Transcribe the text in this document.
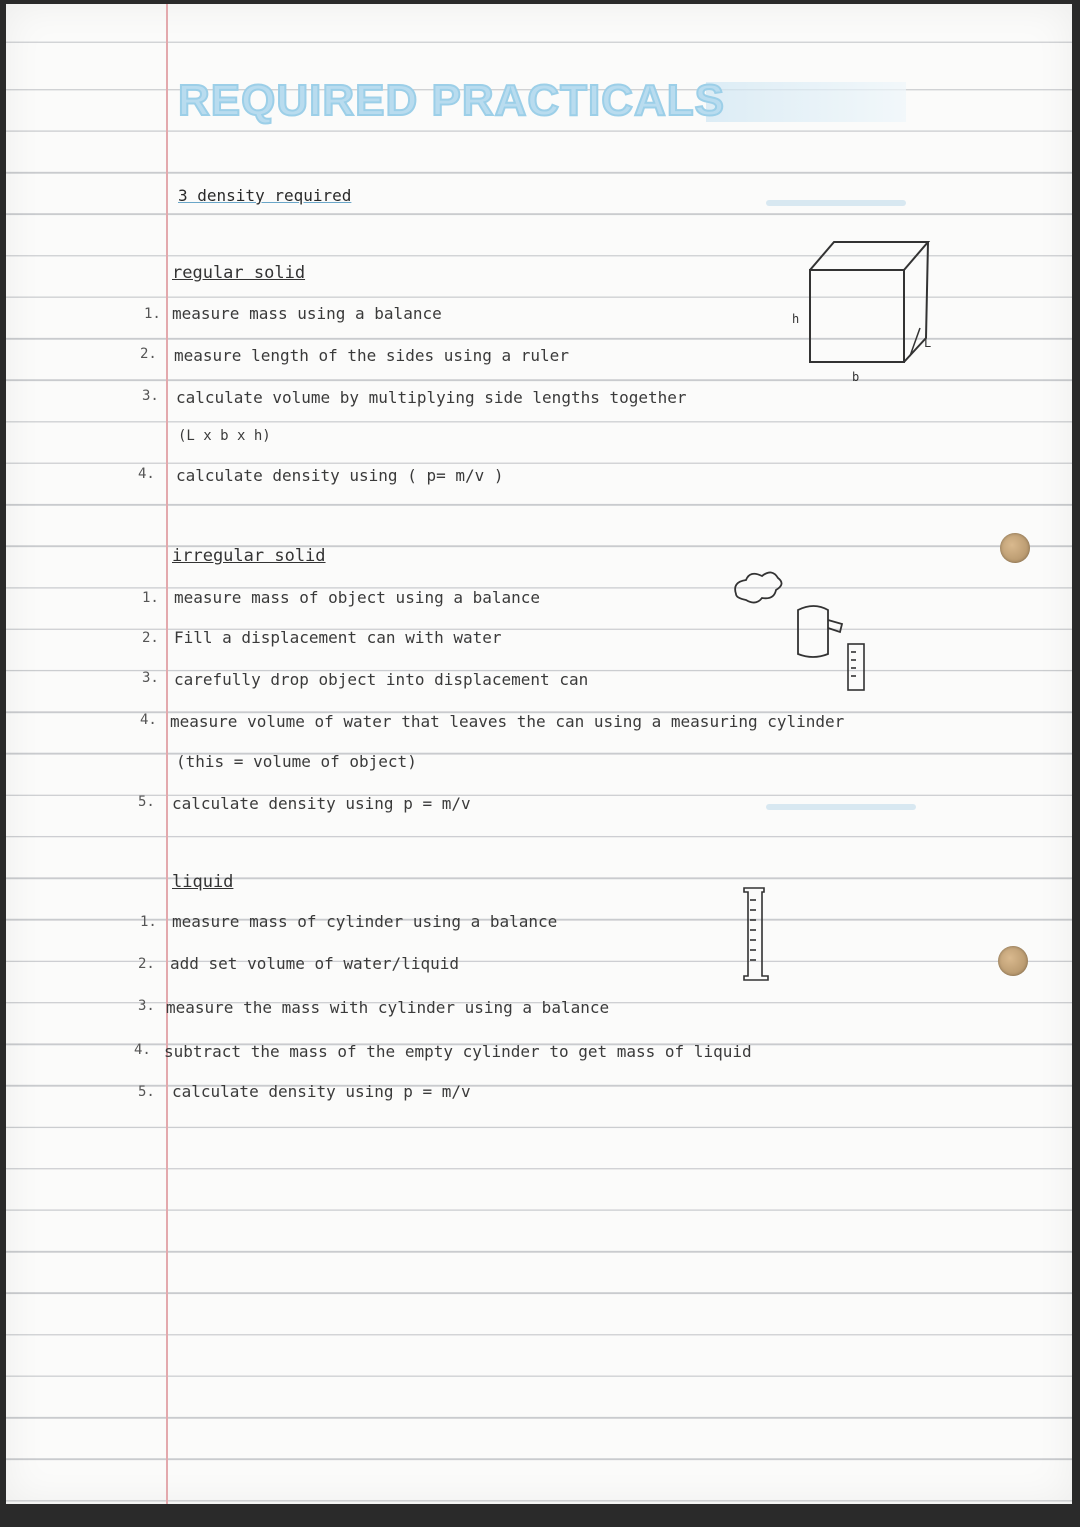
REQUIRED PRACTICALS
3 density required
regular solid
1. measure mass using a balance
2. measure length of the sides using a ruler
3. calculate volume by multiplying side lengths together
(L x b x h)
4. calculate density using ( p= m/v )
h
b
L
irregular solid
1. measure mass of object using a balance
2. Fill a displacement can with water
3. carefully drop object into displacement can
4. measure volume of water that leaves the can using a measuring cylinder
(this = volume of object)
5. calculate density using p = m/v
liquid
1. measure mass of cylinder using a balance
2. add set volume of water/liquid
3. measure the mass with cylinder using a balance
4. subtract the mass of the empty cylinder to get mass of liquid
5. calculate density using p = m/v
